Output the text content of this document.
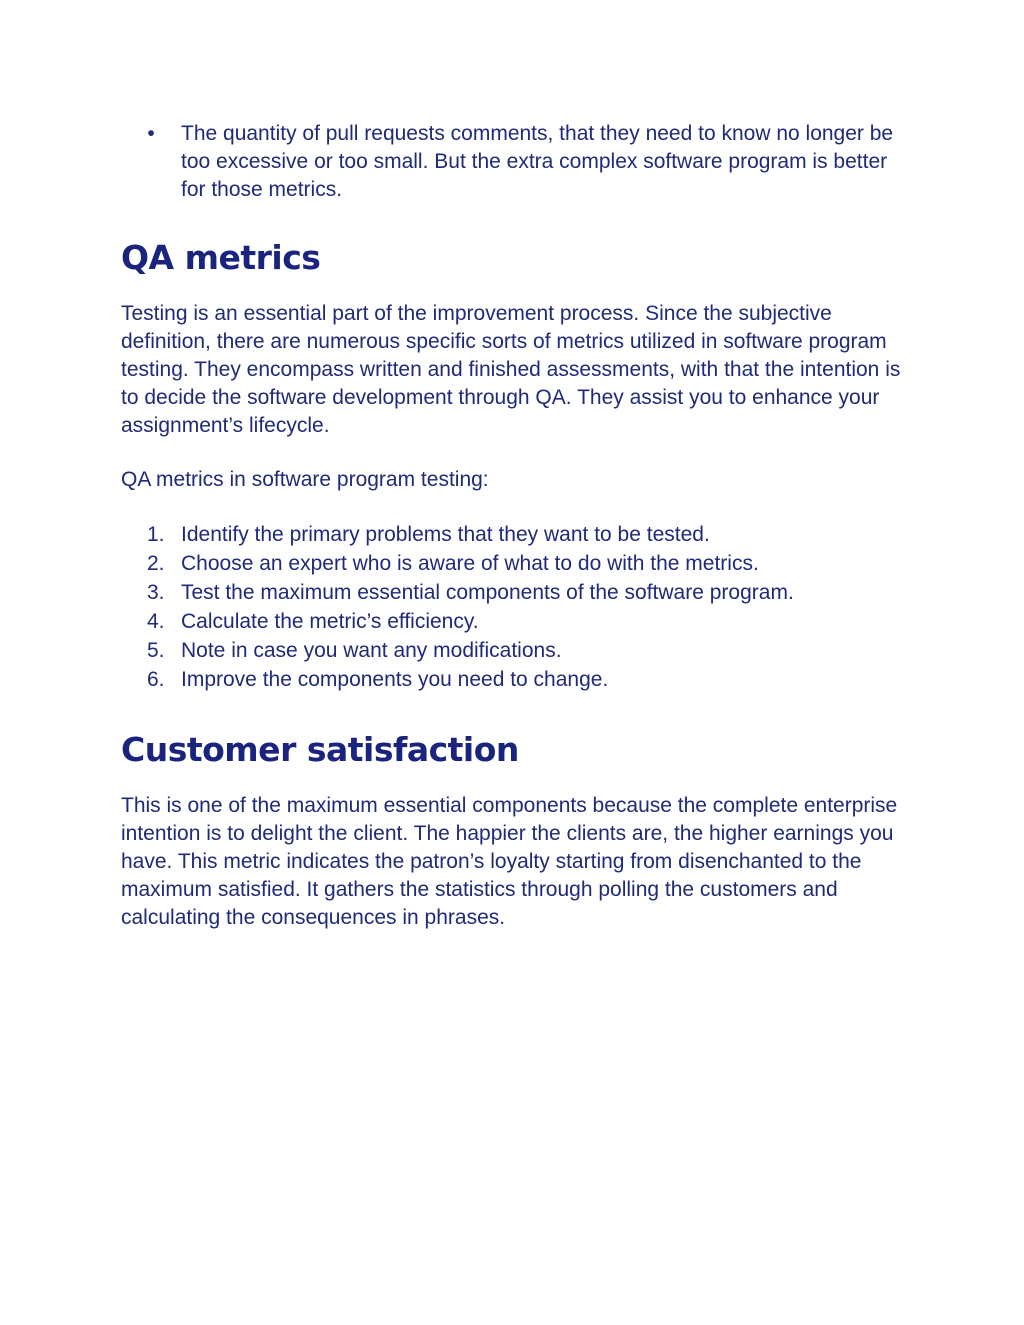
•	The quantity of pull requests comments, that they need to know no longer be too excessive or too small. But the extra complex software program is better for those metrics.
QA metrics

Testing is an essential part of the improvement process. Since the subjective definition, there are numerous specific sorts of metrics utilized in software program testing. They encompass written and finished assessments, with that the intention is to decide the software development through QA. They assist you to enhance your assignment’s lifecycle.

QA metrics in software program testing:

1. Identify the primary problems that they want to be tested.
2. Choose an expert who is aware of what to do with the metrics.
3. Test the maximum essential components of the software program.
4. Calculate the metric’s efficiency.
5. Note in case you want any modifications.
6. Improve the components you need to change.
Customer satisfaction

This is one of the maximum essential components because the complete enterprise intention is to delight the client. The happier the clients are, the higher earnings you have. This metric indicates the patron’s loyalty starting from disenchanted to the maximum satisfied. It gathers the statistics through polling the customers and calculating the consequences in phrases.
